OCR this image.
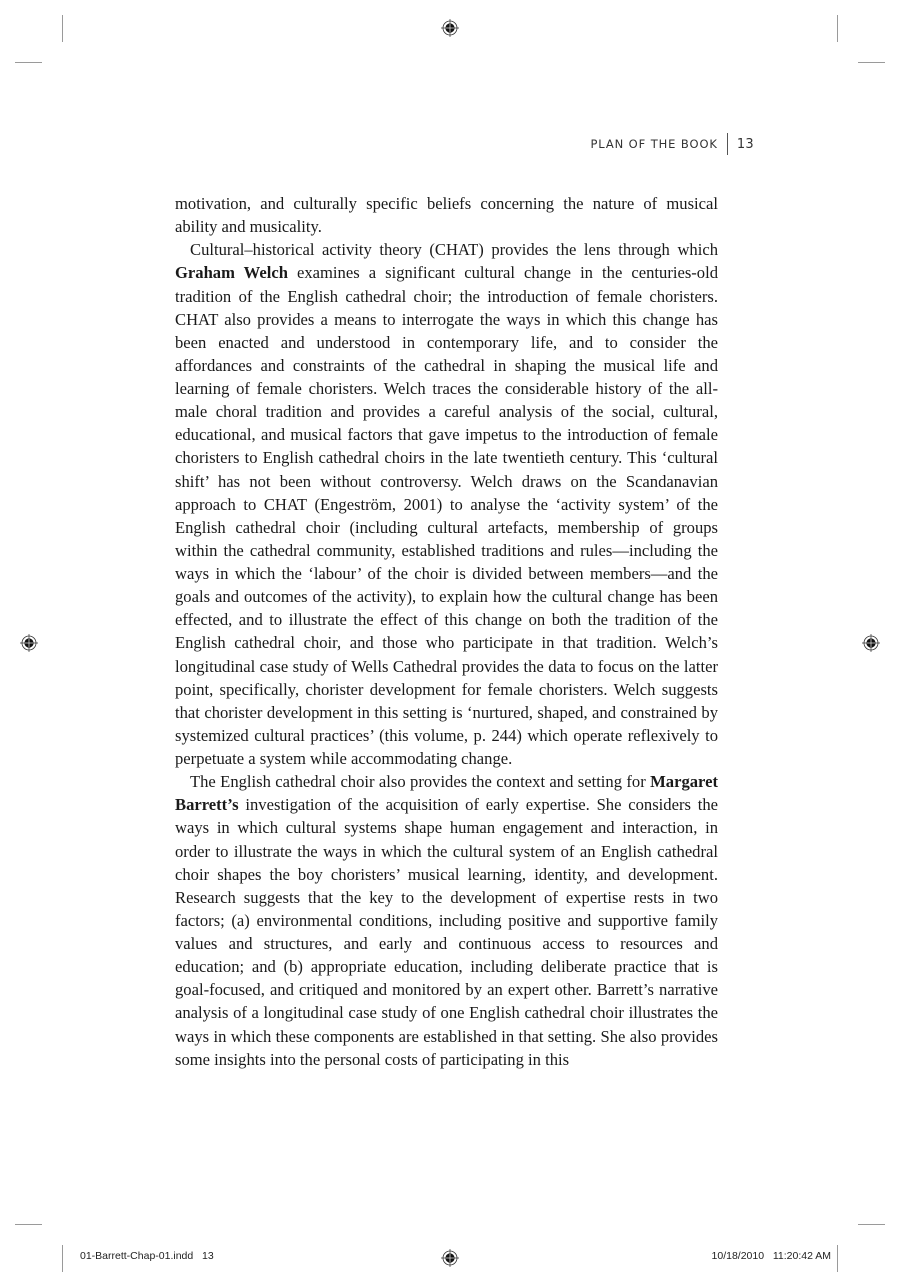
PLAN OF THE BOOK 13

motivation, and culturally specific beliefs concerning the nature of musical ability and musicality.

Cultural–historical activity theory (CHAT) provides the lens through which Graham Welch examines a significant cultural change in the centuries-old tradition of the English cathedral choir; the introduction of female choristers. CHAT also provides a means to interrogate the ways in which this change has been enacted and understood in contemporary life, and to consider the affordances and constraints of the cathedral in shaping the musical life and learning of female choristers. Welch traces the considerable history of the all-male choral tradition and provides a careful analysis of the social, cultural, educational, and musical factors that gave impetus to the introduction of female choristers to English cathedral choirs in the late twentieth century. This ‘cultural shift’ has not been without controversy. Welch draws on the Scandanavian approach to CHAT (Engeström, 2001) to analyse the ‘activity system’ of the English cathedral choir (including cultural artefacts, membership of groups within the cathedral community, established traditions and rules—including the ways in which the ‘labour’ of the choir is divided between members—and the goals and outcomes of the activity), to explain how the cultural change has been effected, and to illustrate the effect of this change on both the tradition of the English cathedral choir, and those who participate in that tradition. Welch’s longitudinal case study of Wells Cathedral provides the data to focus on the latter point, specifically, chorister development for female choristers. Welch suggests that chorister development in this setting is ‘nurtured, shaped, and constrained by systemized cultural practices’ (this volume, p. 244) which operate reflexively to perpetuate a system while accommodating change.

The English cathedral choir also provides the context and setting for Margaret Barrett’s investigation of the acquisition of early expertise. She considers the ways in which cultural systems shape human engagement and interaction, in order to illustrate the ways in which the cultural system of an English cathedral choir shapes the boy choristers’ musical learning, identity, and development. Research suggests that the key to the development of expertise rests in two factors; (a) environmental conditions, including positive and supportive family values and structures, and early and continuous access to resources and education; and (b) appropriate education, including deliberate practice that is goal-focused, and critiqued and monitored by an expert other. Barrett’s narrative analysis of a longitudinal case study of one English cathedral choir illustrates the ways in which these components are established in that setting. She also provides some insights into the personal costs of participating in this

01-Barrett-Chap-01.indd   13	10/18/2010   11:20:42 AM
